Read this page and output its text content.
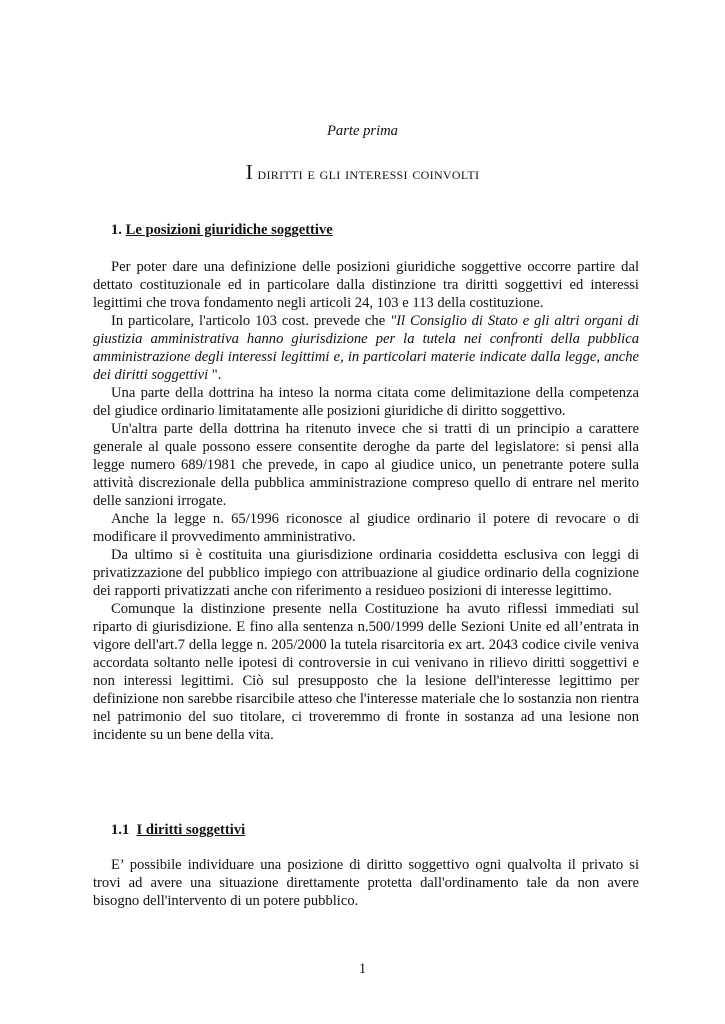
Parte prima
I diritti e gli interessi coinvolti
1. Le posizioni giuridiche soggettive

Per poter dare una definizione delle posizioni giuridiche soggettive occorre partire dal dettato costituzionale ed in particolare dalla distinzione tra diritti soggettivi ed interessi legittimi che trova fondamento negli articoli 24, 103 e 113 della costituzione.

In particolare, l'articolo 103 cost. prevede che "Il Consiglio di Stato e gli altri organi di giustizia amministrativa hanno giurisdizione per la tutela nei confronti della pubblica amministrazione degli interessi legittimi e, in particolari materie indicate dalla legge, anche dei diritti soggettivi ".

Una parte della dottrina ha inteso la norma citata come delimitazione della competenza del giudice ordinario limitatamente alle posizioni giuridiche di diritto soggettivo.

Un'altra parte della dottrina ha ritenuto invece che si tratti di un principio a carattere generale al quale possono essere consentite deroghe da parte del legislatore: si pensi alla legge numero 689/1981 che prevede, in capo al giudice unico, un penetrante potere sulla attività discrezionale della pubblica amministrazione compreso quello di entrare nel merito delle sanzioni irrogate.

Anche la legge n. 65/1996 riconosce al giudice ordinario il potere di revocare o di modificare il provvedimento amministrativo.

Da ultimo si è costituita una giurisdizione ordinaria cosiddetta esclusiva con leggi di privatizzazione del pubblico impiego con attribuazione al giudice ordinario della cognizione dei rapporti privatizzati anche con riferimento a residueo posizioni di interesse legittimo.

Comunque la distinzione presente nella Costituzione ha avuto riflessi immediati sul riparto di giurisdizione. E fino alla sentenza n.500/1999 delle Sezioni Unite ed all’entrata in vigore dell'art.7 della legge n. 205/2000 la tutela risarcitoria ex art. 2043 codice civile veniva accordata soltanto nelle ipotesi di controversie in cui venivano in rilievo diritti soggettivi e non interessi legittimi. Ciò sul presupposto che la lesione dell'interesse legittimo per definizione non sarebbe risarcibile atteso che l'interesse materiale che lo sostanzia non rientra nel patrimonio del suo titolare, ci troveremmo di fronte in sostanza ad una lesione non incidente su un bene della vita.

1.1 I diritti soggettivi

E’ possibile individuare una posizione di diritto soggettivo ogni qualvolta il privato si trovi ad avere una situazione direttamente protetta dall'ordinamento tale da non avere bisogno dell'intervento di un potere pubblico.

1
